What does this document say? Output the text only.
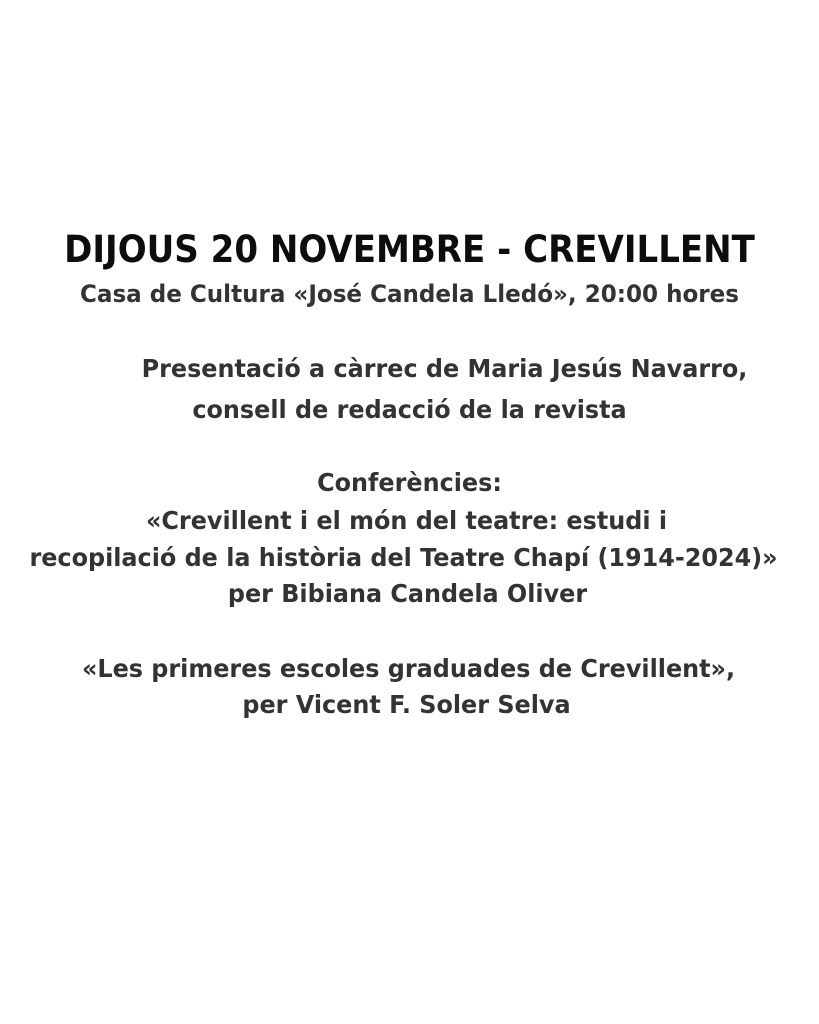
DIJOUS 20 NOVEMBRE - CREVILLENT
Casa de Cultura «José Candela Lledó», 20:00 hores
Presentació a càrrec de Maria Jesús Navarro,
consell de redacció de la revista
Conferències:
«Crevillent i el món del teatre: estudi i
recopilació de la història del Teatre Chapí (1914-2024)»
per Bibiana Candela Oliver
«Les primeres escoles graduades de Crevillent»,
per Vicent F. Soler Selva
